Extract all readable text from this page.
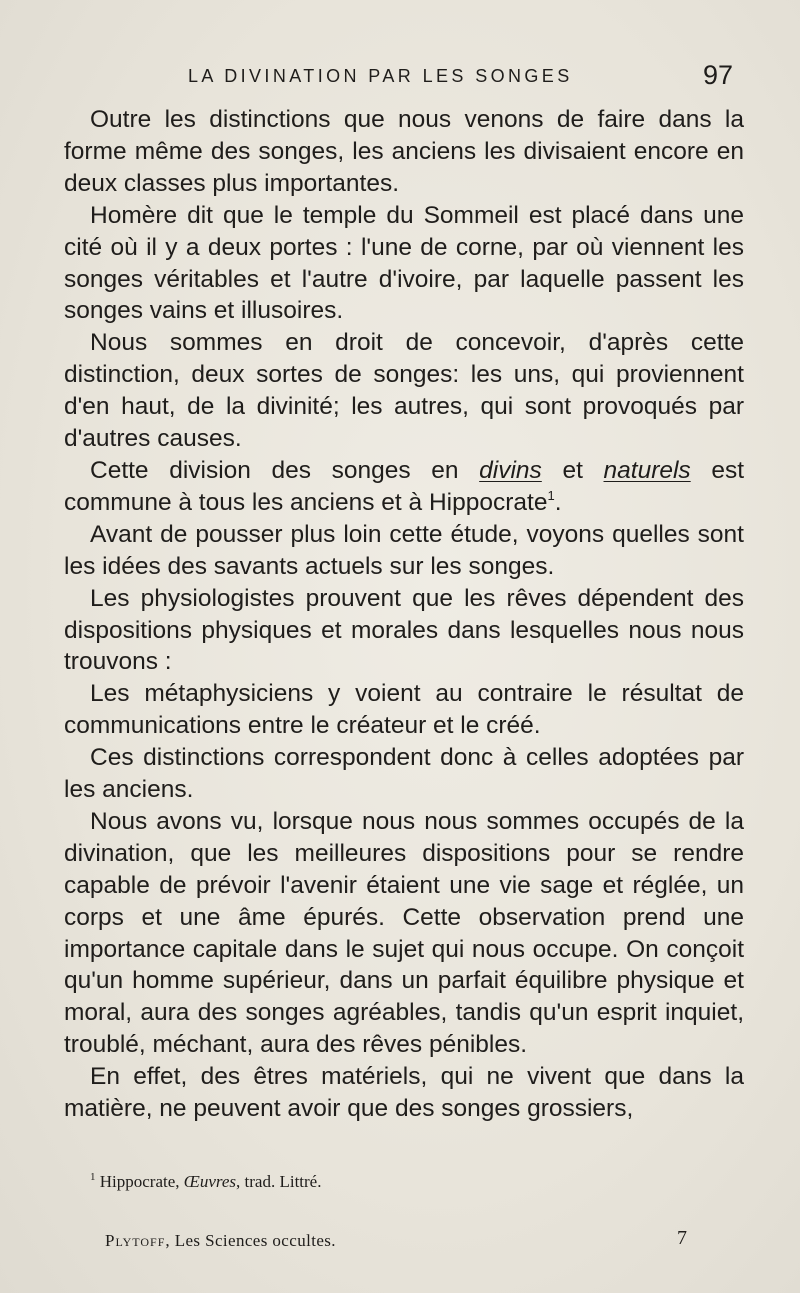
LA DIVINATION PAR LES SONGES	97

Outre les distinctions que nous venons de faire dans la forme même des songes, les anciens les divisaient encore en deux classes plus importantes.

Homère dit que le temple du Sommeil est placé dans une cité où il y a deux portes : l'une de corne, par où viennent les songes véritables et l'autre d'ivoire, par laquelle passent les songes vains et illusoires.

Nous sommes en droit de concevoir, d'après cette distinction, deux sortes de songes: les uns, qui proviennent d'en haut, de la divinité; les autres, qui sont provoqués par d'autres causes.

Cette division des songes en divins et naturels est commune à tous les anciens et à Hippocrate$^1$.

Avant de pousser plus loin cette étude, voyons quelles sont les idées des savants actuels sur les songes.

Les physiologistes prouvent que les rêves dépendent des dispositions physiques et morales dans lesquelles nous nous trouvons :

Les métaphysiciens y voient au contraire le résultat de communications entre le créateur et le créé.

Ces distinctions correspondent donc à celles adoptées par les anciens.

Nous avons vu, lorsque nous nous sommes occupés de la divination, que les meilleures dispositions pour se rendre capable de prévoir l'avenir étaient une vie sage et réglée, un corps et une âme épurés. Cette observation prend une importance capitale dans le sujet qui nous occupe. On conçoit qu'un homme supérieur, dans un parfait équilibre physique et moral, aura des songes agréables, tandis qu'un esprit inquiet, troublé, méchant, aura des rêves pénibles.

En effet, des êtres matériels, qui ne vivent que dans la matière, ne peuvent avoir que des songes grossiers,

$^1$ Hippocrate, Œuvres, trad. Littré.
Plytoff, Les Sciences occultes.	7
